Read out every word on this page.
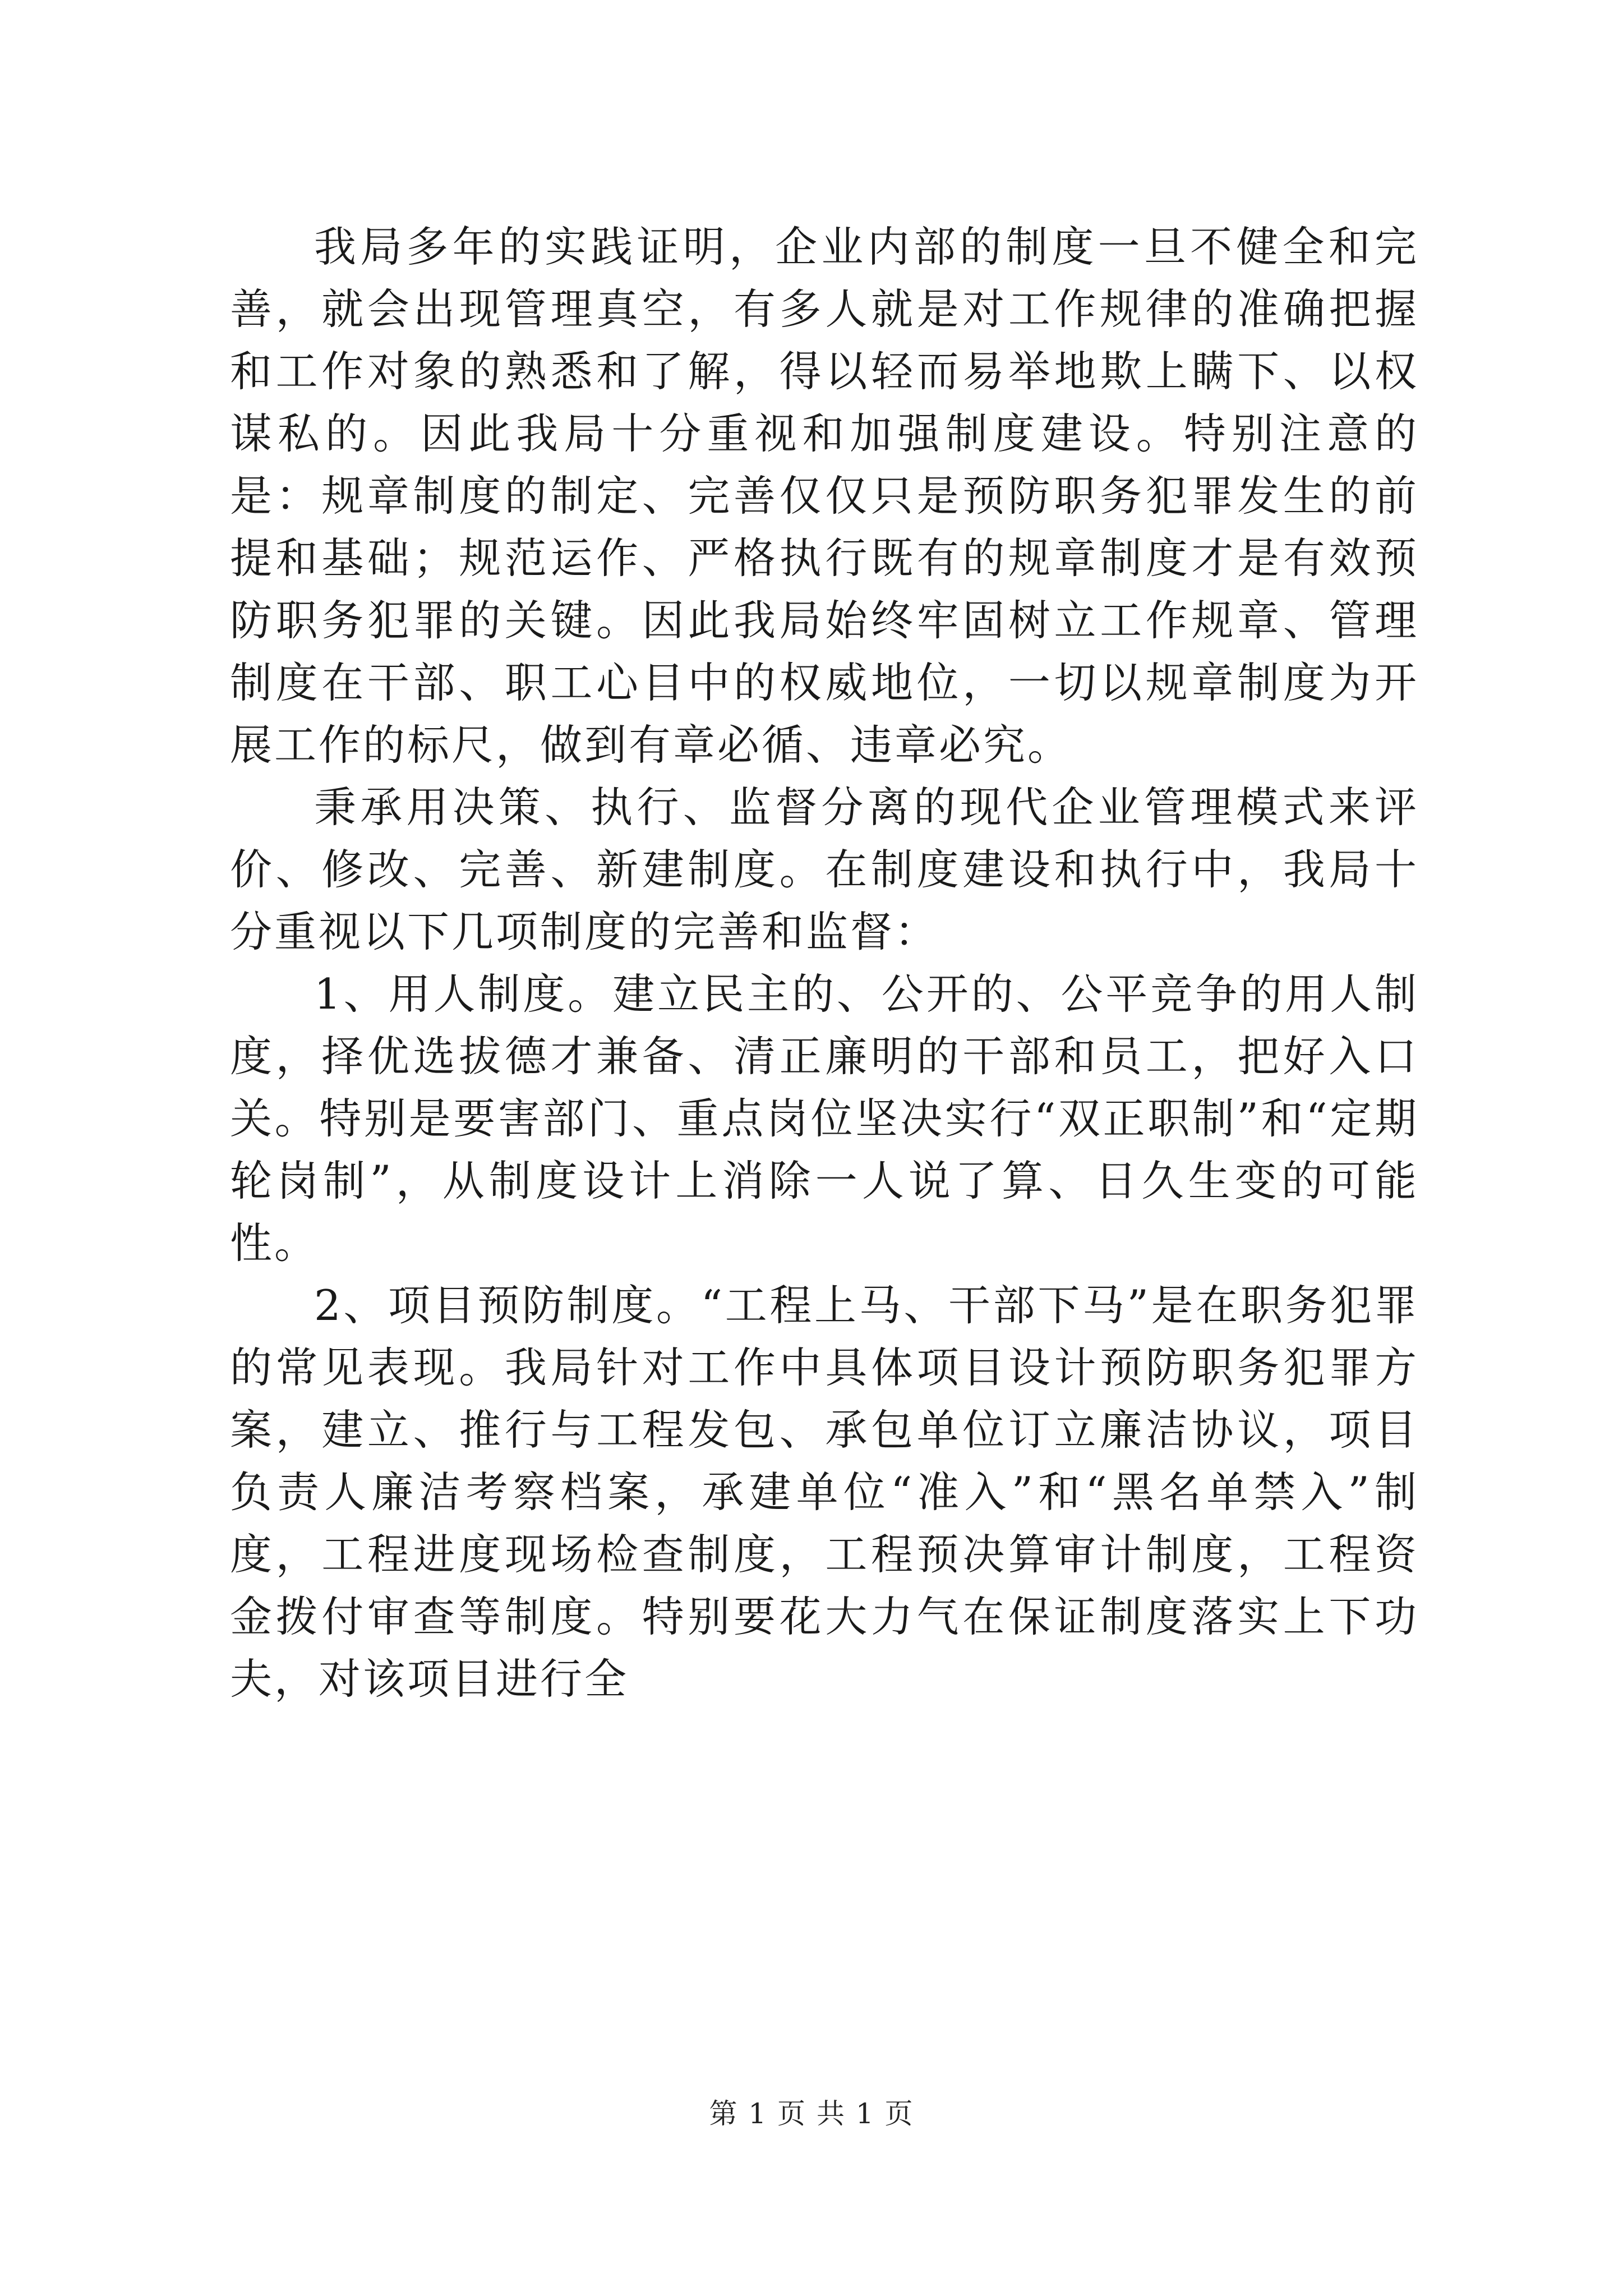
我局多年的实践证明，企业内部的制度一旦不健全和完善，就会出现管理真空，有多人就是对工作规律的准确把握和工作对象的熟悉和了解，得以轻而易举地欺上瞒下、以权谋私的。因此我局十分重视和加强制度建设。特别注意的是：规章制度的制定、完善仅仅只是预防职务犯罪发生的前提和基础；规范运作、严格执行既有的规章制度才是有效预防职务犯罪的关键。因此我局始终牢固树立工作规章、管理制度在干部、职工心目中的权威地位，一切以规章制度为开展工作的标尺，做到有章必循、违章必究。

秉承用决策、执行、监督分离的现代企业管理模式来评价、修改、完善、新建制度。在制度建设和执行中，我局十分重视以下几项制度的完善和监督：

1、用人制度。建立民主的、公开的、公平竞争的用人制度，择优选拔德才兼备、清正廉明的干部和员工，把好入口关。特别是要害部门、重点岗位坚决实行“双正职制”和“定期轮岗制”，从制度设计上消除一人说了算、日久生变的可能性。

2、项目预防制度。“工程上马、干部下马”是在职务犯罪的常见表现。我局针对工作中具体项目设计预防职务犯罪方案，建立、推行与工程发包、承包单位订立廉洁协议，项目负责人廉洁考察档案，承建单位“准入”和“黑名单禁入”制度，工程进度现场检查制度，工程预决算审计制度，工程资金拨付审查等制度。特别要花大力气在保证制度落实上下功夫，对该项目进行全

第 1 页 共 1 页
